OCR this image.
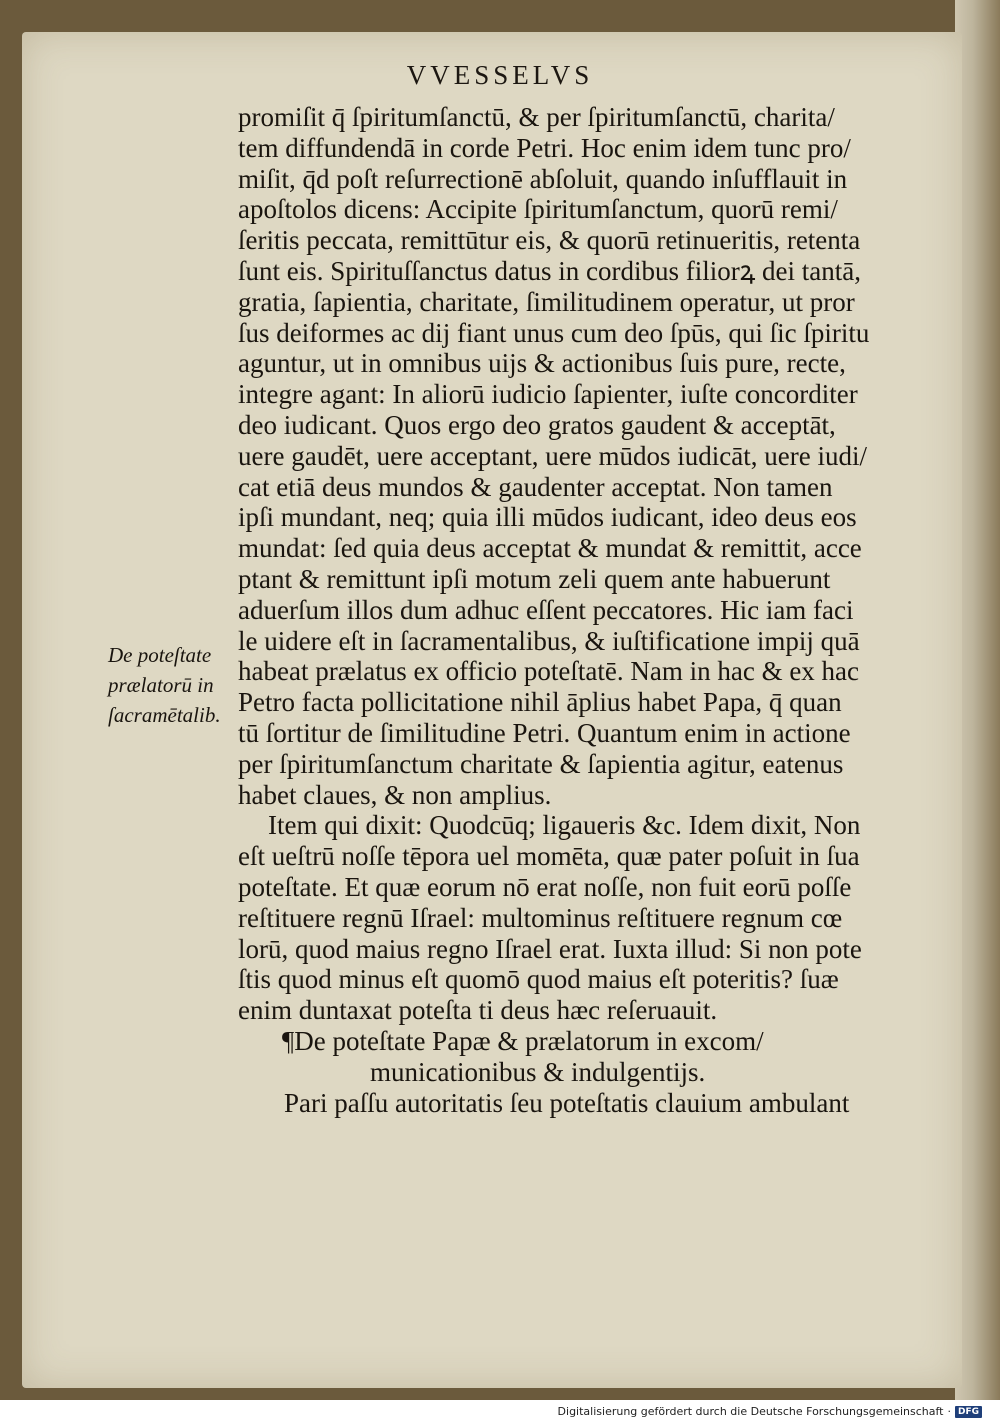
VVESSELVS
promiſit q̄ ſpiritumſanctū, & per ſpiritumſanctū, charita/
tem diffundendā in corde Petri. Hoc enim idem tunc pro/
miſit, q̄d poſt reſurrectionē abſoluit, quando inſufflauit in
apoſtolos dicens: Accipite ſpiritumſanctum, quorū remi/
ſeritis peccata, remittūtur eis, & quorū retinueritis, retenta
ſunt eis. Spirituſſanctus datus in cordibus filiorꝝ dei tantā,
gratia, ſapientia, charitate, ſimilitudinem operatur, ut pror
ſus deiformes ac dij fiant unus cum deo ſpūs, qui ſic ſpiritu
aguntur, ut in omnibus uijs & actionibus ſuis pure, recte,
integre agant: In aliorū iudicio ſapienter, iuſte concorditer
deo iudicant. Quos ergo deo gratos gaudent & acceptāt,
uere gaudēt, uere acceptant, uere mūdos iudicāt, uere iudi/
cat etiā deus mundos & gaudenter acceptat. Non tamen
ipſi mundant, neq; quia illi mūdos iudicant, ideo deus eos
mundat: ſed quia deus acceptat & mundat & remittit, acce
ptant & remittunt ipſi motum zeli quem ante habuerunt
aduerſum illos dum adhuc eſſent peccatores. Hic iam faci
le uidere eſt in ſacramentalibus, & iuſtificatione impij quā
habeat prælatus ex officio poteſtatē. Nam in hac & ex hac
Petro facta pollicitatione nihil āplius habet Papa, q̄ quan
tū ſortitur de ſimilitudine Petri. Quantum enim in actione
per ſpiritumſanctum charitate & ſapientia agitur, eatenus
habet claues, & non amplius.
Item qui dixit: Quodcūq; ligaueris &c. Idem dixit, Non
eſt ueſtrū noſſe tēpora uel momēta, quæ pater poſuit in ſua
poteſtate. Et quæ eorum nō erat noſſe, non fuit eorū poſſe
reſtituere regnū Iſrael: multominus reſtituere regnum cœ
lorū, quod maius regno Iſrael erat. Iuxta illud: Si non pote
ſtis quod minus eſt quomō quod maius eſt poteritis? ſuæ
enim duntaxat poteſta ti deus hæc reſeruauit.
¶De poteſtate Papæ & prælatorum in excom/
municationibus & indulgentijs.
Pari paſſu autoritatis ſeu poteſtatis clauium ambulant
De poteſtate
prælatorū in
ſacramētalib.
Digitalisierung gefördert durch die Deutsche Forschungsgemeinschaft · DFG
